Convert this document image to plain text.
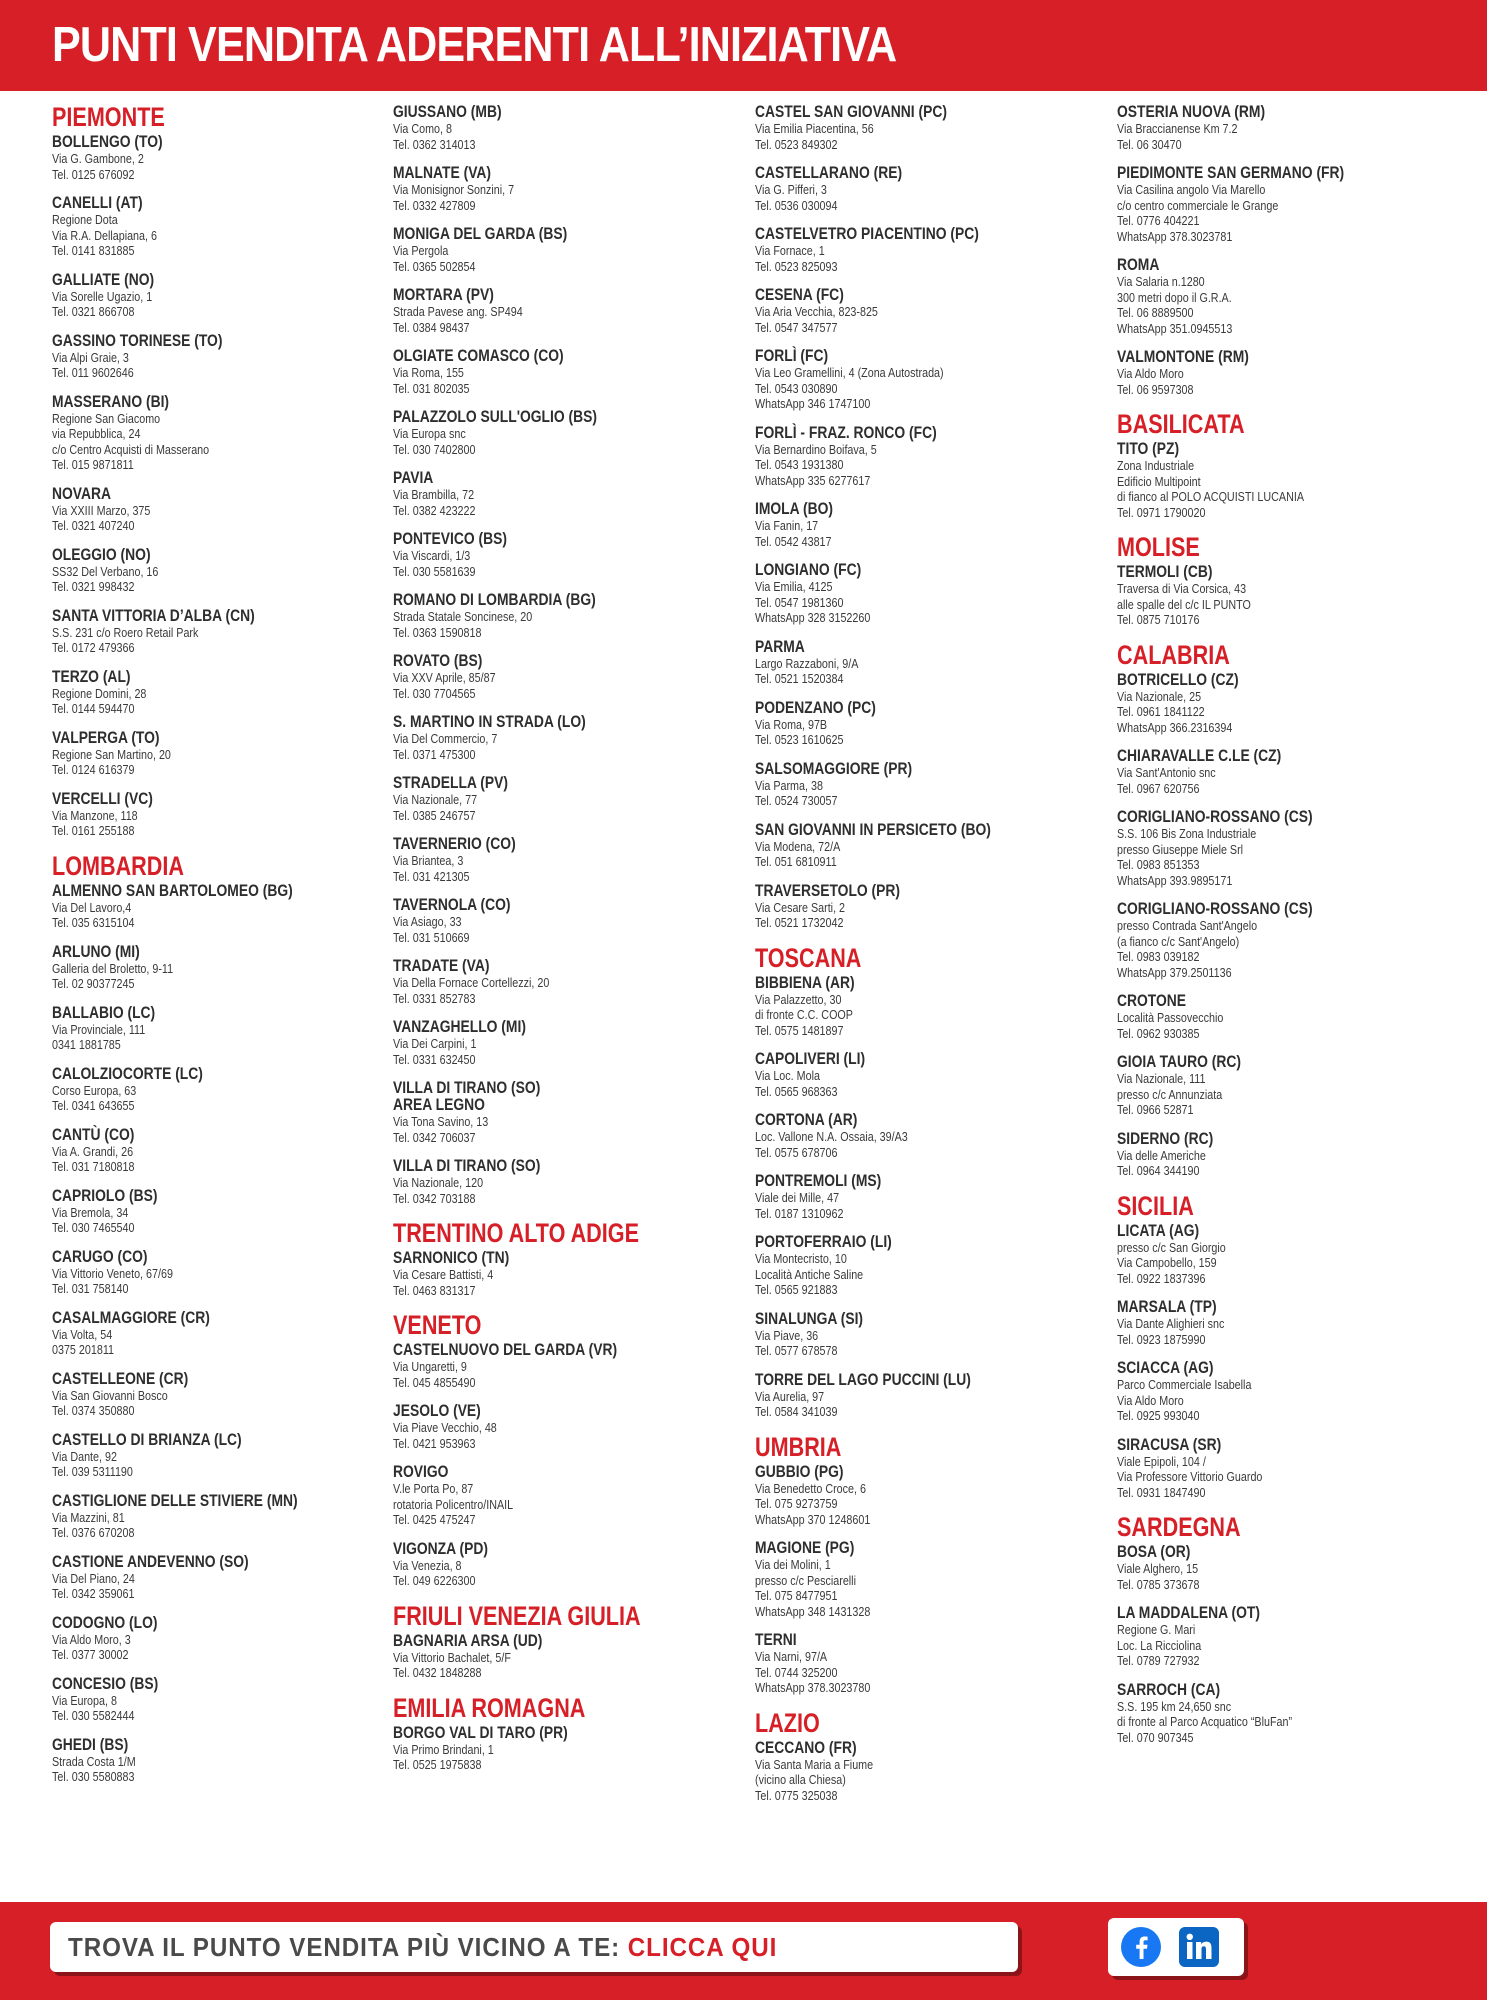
PUNTI VENDITA ADERENTI ALL’INIZIATIVA
PIEMONTE
BOLLENGO (TO)
Via G. Gambone, 2
Tel. 0125 676092
CANELLI (AT)
Regione Dota
Via R.A. Dellapiana, 6
Tel. 0141 831885
GALLIATE (NO)
Via Sorelle Ugazio, 1
Tel. 0321 866708
GASSINO TORINESE (TO)
Via Alpi Graie, 3
Tel. 011 9602646
MASSERANO (BI)
Regione San Giacomo
via Repubblica, 24
c/o Centro Acquisti di Masserano
Tel. 015 9871811
NOVARA
Via XXIII Marzo, 375
Tel. 0321 407240
OLEGGIO (NO)
SS32 Del Verbano, 16
Tel. 0321 998432
SANTA VITTORIA D’ALBA (CN)
S.S. 231 c/o Roero Retail Park
Tel. 0172 479366
TERZO (AL)
Regione Domini, 28
Tel. 0144 594470
VALPERGA (TO)
Regione San Martino, 20
Tel. 0124 616379
VERCELLI (VC)
Via Manzone, 118
Tel. 0161 255188
LOMBARDIA
ALMENNO SAN BARTOLOMEO (BG)
Via Del Lavoro,4
Tel. 035 6315104
ARLUNO (MI)
Galleria del Broletto, 9-11
Tel. 02 90377245
BALLABIO (LC)
Via Provinciale, 111
0341 1881785
CALOLZIOCORTE (LC)
Corso Europa, 63
Tel. 0341 643655
CANTÙ (CO)
Via A. Grandi, 26
Tel. 031 7180818
CAPRIOLO (BS)
Via Bremola, 34
Tel. 030 7465540
CARUGO (CO)
Via Vittorio Veneto, 67/69
Tel. 031 758140
CASALMAGGIORE (CR)
Via Volta, 54
0375 201811
CASTELLEONE (CR)
Via San Giovanni Bosco
Tel. 0374 350880
CASTELLO DI BRIANZA (LC)
Via Dante, 92
Tel. 039 5311190
CASTIGLIONE DELLE STIVIERE (MN)
Via Mazzini, 81
Tel. 0376 670208
CASTIONE ANDEVENNO (SO)
Via Del Piano, 24
Tel. 0342 359061
CODOGNO (LO)
Via Aldo Moro, 3
Tel. 0377 30002
CONCESIO (BS)
Via Europa, 8
Tel. 030 5582444
GHEDI (BS)
Strada Costa 1/M
Tel. 030 5580883
GIUSSANO (MB)
Via Como, 8
Tel. 0362 314013
MALNATE (VA)
Via Monisignor Sonzini, 7
Tel. 0332 427809
MONIGA DEL GARDA (BS)
Via Pergola
Tel. 0365 502854
MORTARA (PV)
Strada Pavese ang. SP494
Tel. 0384 98437
OLGIATE COMASCO (CO)
Via Roma, 155
Tel. 031 802035
PALAZZOLO SULL'OGLIO (BS)
Via Europa snc
Tel. 030 7402800
PAVIA
Via Brambilla, 72
Tel. 0382 423222
PONTEVICO (BS)
Via Viscardi, 1/3
Tel. 030 5581639
ROMANO DI LOMBARDIA (BG)
Strada Statale Soncinese, 20
Tel. 0363 1590818
ROVATO (BS)
Via XXV Aprile, 85/87
Tel. 030 7704565
S. MARTINO IN STRADA (LO)
Via Del Commercio, 7
Tel. 0371 475300
STRADELLA (PV)
Via Nazionale, 77
Tel. 0385 246757
TAVERNERIO (CO)
Via Briantea, 3
Tel. 031 421305
TAVERNOLA (CO)
Via Asiago, 33
Tel. 031 510669
TRADATE (VA)
Via Della Fornace Cortellezzi, 20
Tel. 0331 852783
VANZAGHELLO (MI)
Via Dei Carpini, 1
Tel. 0331 632450
VILLA DI TIRANO (SO)
AREA LEGNO
Via Tona Savino, 13
Tel. 0342 706037
VILLA DI TIRANO (SO)
Via Nazionale, 120
Tel. 0342 703188
TRENTINO ALTO ADIGE
SARNONICO (TN)
Via Cesare Battisti, 4
Tel. 0463 831317
VENETO
CASTELNUOVO DEL GARDA (VR)
Via Ungaretti, 9
Tel. 045 4855490
JESOLO (VE)
Via Piave Vecchio, 48
Tel. 0421 953963
ROVIGO
V.le Porta Po, 87
rotatoria Policentro/INAIL
Tel. 0425 475247
VIGONZA (PD)
Via Venezia, 8
Tel. 049 6226300
FRIULI VENEZIA GIULIA
BAGNARIA ARSA (UD)
Via Vittorio Bachalet, 5/F
Tel. 0432 1848288
EMILIA ROMAGNA
BORGO VAL DI TARO (PR)
Via Primo Brindani, 1
Tel. 0525 1975838
CASTEL SAN GIOVANNI (PC)
Via Emilia Piacentina, 56
Tel. 0523 849302
CASTELLARANO (RE)
Via G. Pifferi, 3
Tel. 0536 030094
CASTELVETRO PIACENTINO (PC)
Via Fornace, 1
Tel. 0523 825093
CESENA (FC)
Via Aria Vecchia, 823-825
Tel. 0547 347577
FORLÌ (FC)
Via Leo Gramellini, 4 (Zona Autostrada)
Tel. 0543 030890
WhatsApp 346 1747100
FORLÌ - FRAZ. RONCO (FC)
Via Bernardino Boifava, 5
Tel. 0543 1931380
WhatsApp 335 6277617
IMOLA (BO)
Via Fanin, 17
Tel. 0542 43817
LONGIANO (FC)
Via Emilia, 4125
Tel. 0547 1981360
WhatsApp 328 3152260
PARMA
Largo Razzaboni, 9/A
Tel. 0521 1520384
PODENZANO (PC)
Via Roma, 97B
Tel. 0523 1610625
SALSOMAGGIORE (PR)
Via Parma, 38
Tel. 0524 730057
SAN GIOVANNI IN PERSICETO (BO)
Via Modena, 72/A
Tel. 051 6810911
TRAVERSETOLO (PR)
Via Cesare Sarti, 2
Tel. 0521 1732042
TOSCANA
BIBBIENA (AR)
Via Palazzetto, 30
di fronte C.C. COOP
Tel. 0575 1481897
CAPOLIVERI (LI)
Via Loc. Mola
Tel. 0565 968363
CORTONA (AR)
Loc. Vallone N.A. Ossaia, 39/A3
Tel. 0575 678706
PONTREMOLI (MS)
Viale dei Mille, 47
Tel. 0187 1310962
PORTOFERRAIO (LI)
Via Montecristo, 10
Località Antiche Saline
Tel. 0565 921883
SINALUNGA (SI)
Via Piave, 36
Tel. 0577 678578
TORRE DEL LAGO PUCCINI (LU)
Via Aurelia, 97
Tel. 0584 341039
UMBRIA
GUBBIO (PG)
Via Benedetto Croce, 6
Tel. 075 9273759
WhatsApp 370 1248601
MAGIONE (PG)
Via dei Molini, 1
presso c/c Pesciarelli
Tel. 075 8477951
WhatsApp 348 1431328
TERNI
Via Narni, 97/A
Tel. 0744 325200
WhatsApp 378.3023780
LAZIO
CECCANO (FR)
Via Santa Maria a Fiume
(vicino alla Chiesa)
Tel. 0775 325038
OSTERIA NUOVA (RM)
Via Braccianense Km 7.2
Tel. 06 30470
PIEDIMONTE SAN GERMANO (FR)
Via Casilina angolo Via Marello
c/o centro commerciale le Grange
Tel. 0776 404221
WhatsApp 378.3023781
ROMA
Via Salaria n.1280
300 metri dopo il G.R.A.
Tel. 06 8889500
WhatsApp 351.0945513
VALMONTONE (RM)
Via Aldo Moro
Tel. 06 9597308
BASILICATA
TITO (PZ)
Zona Industriale
Edificio Multipoint
di fianco al POLO ACQUISTI LUCANIA
Tel. 0971 1790020
MOLISE
TERMOLI (CB)
Traversa di Via Corsica, 43
alle spalle del c/c IL PUNTO
Tel. 0875 710176
CALABRIA
BOTRICELLO (CZ)
Via Nazionale, 25
Tel. 0961 1841122
WhatsApp 366.2316394
CHIARAVALLE C.LE (CZ)
Via Sant'Antonio snc
Tel. 0967 620756
CORIGLIANO-ROSSANO (CS)
S.S. 106 Bis Zona Industriale
presso Giuseppe Miele Srl
Tel. 0983 851353
WhatsApp 393.9895171
CORIGLIANO-ROSSANO (CS)
presso Contrada Sant'Angelo
(a fianco c/c Sant'Angelo)
Tel. 0983 039182
WhatsApp 379.2501136
CROTONE
Località Passovecchio
Tel. 0962 930385
GIOIA TAURO (RC)
Via Nazionale, 111
presso c/c Annunziata
Tel. 0966 52871
SIDERNO (RC)
Via delle Americhe
Tel. 0964 344190
SICILIA
LICATA (AG)
presso c/c San Giorgio
Via Campobello, 159
Tel. 0922 1837396
MARSALA (TP)
Via Dante Alighieri snc
Tel. 0923 1875990
SCIACCA (AG)
Parco Commerciale Isabella
Via Aldo Moro
Tel. 0925 993040
SIRACUSA (SR)
Viale Epipoli, 104 /
Via Professore Vittorio Guardo
Tel. 0931 1847490
SARDEGNA
BOSA (OR)
Viale Alghero, 15
Tel. 0785 373678
LA MADDALENA (OT)
Regione G. Mari
Loc. La Ricciolina
Tel. 0789 727932
SARROCH (CA)
S.S. 195 km 24,650 snc
di fronte al Parco Acquatico “BluFan”
Tel. 070 907345
TROVA IL PUNTO VENDITA PIÙ VICINO A TE: CLICCA QUI
